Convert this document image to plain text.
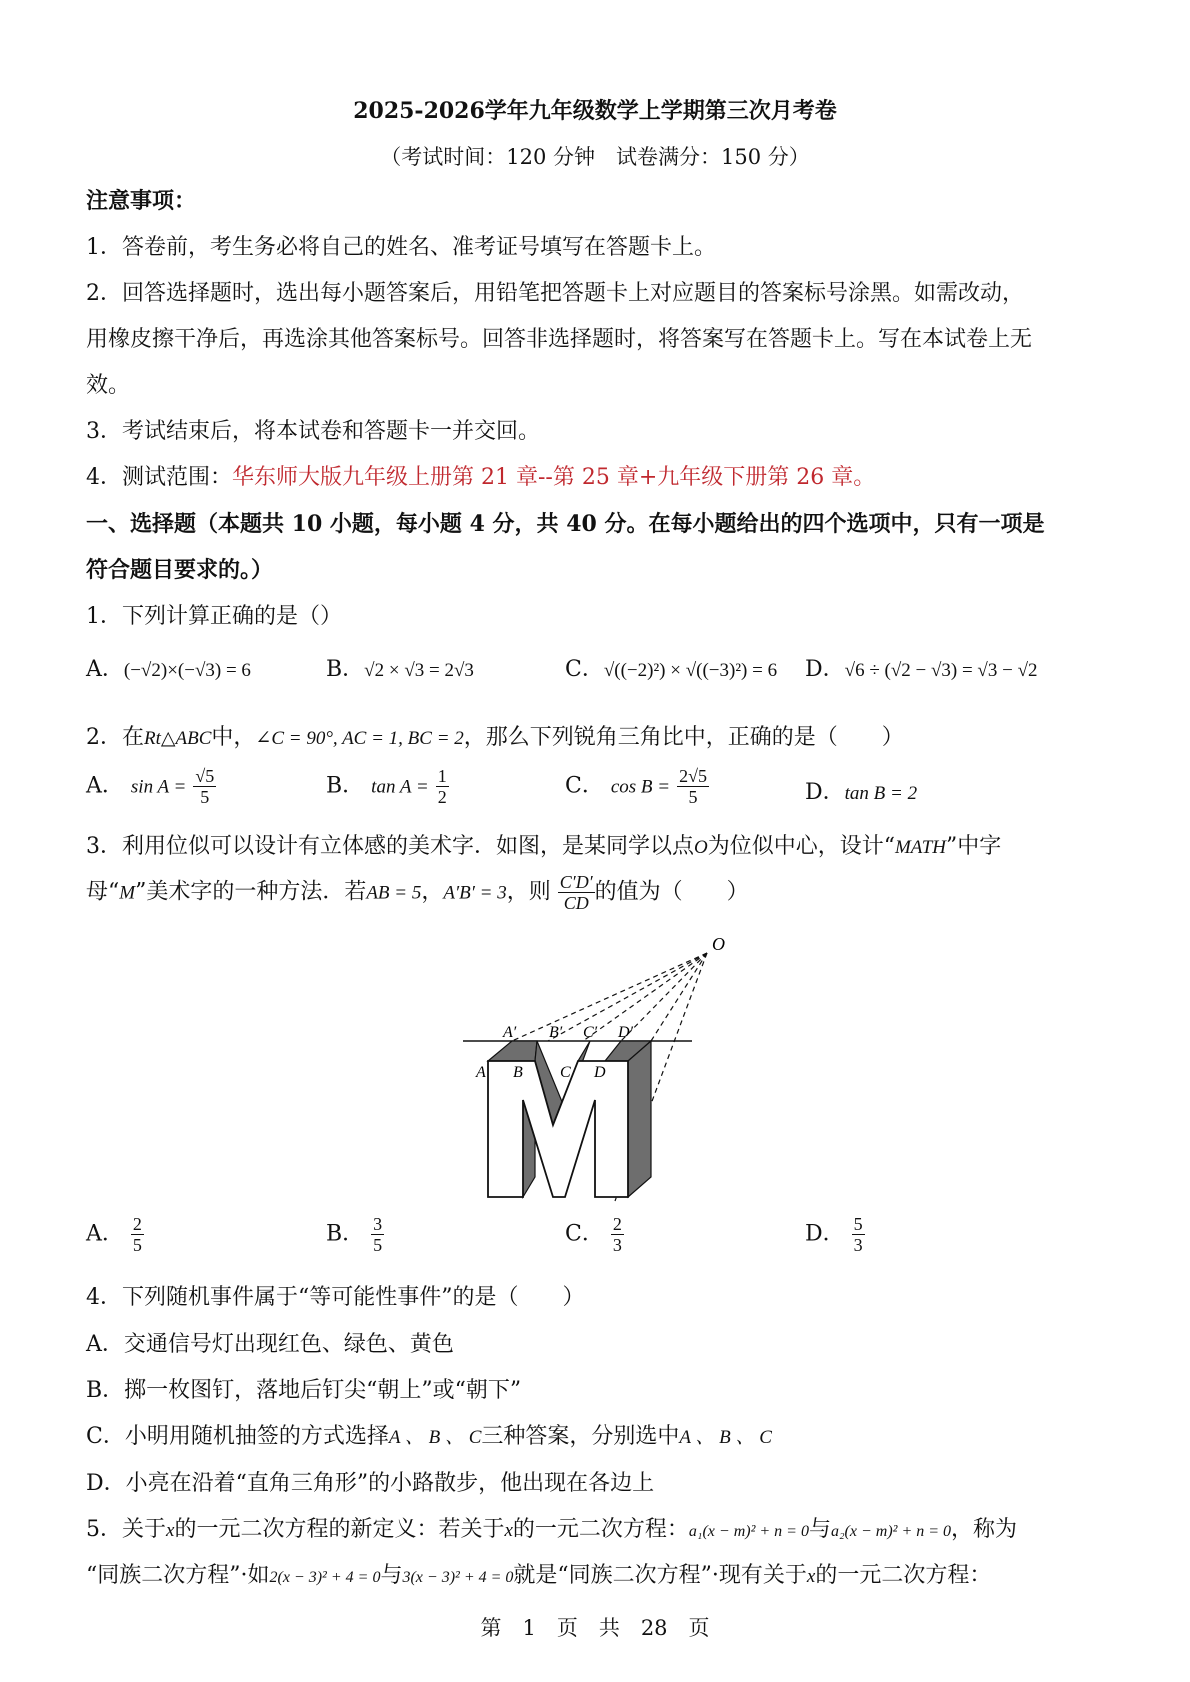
2025-2026学年九年级数学上学期第三次月考卷
（考试时间：120 分钟　试卷满分：150 分）
注意事项：
1．答卷前，考生务必将自己的姓名、准考证号填写在答题卡上。
2．回答选择题时，选出每小题答案后，用铅笔把答题卡上对应题目的答案标号涂黑。如需改动，
用橡皮擦干净后，再选涂其他答案标号。回答非选择题时，将答案写在答题卡上。写在本试卷上无
效。
3．考试结束后，将本试卷和答题卡一并交回。
4．测试范围：华东师大版九年级上册第 21 章--第 25 章+九年级下册第 26 章。
一、选择题（本题共 10 小题，每小题 4 分，共 40 分。在每小题给出的四个选项中，只有一项是
符合题目要求的。）
1．下列计算正确的是（）
A．(−√2)×(−√3) = 6	B．√2 × √3 = 2√3	C．√((−2)²) × √((−3)²) = 6 D．√6 ÷ (√2 − √3) = √3 − √2
2．在Rt△ABC中，∠C = 90°, AC = 1, BC = 2，那么下列锐角三角比中，正确的是（　　）
A． $\sin A = \frac{√5}{5}$	B． $\tan A = \frac{1}{2}$	C． $\cos B = \frac{2√5}{5}$	D．tan B = 2
3．利用位似可以设计有立体感的美术字．如图，是某同学以点O为位似中心，设计“MATH”中字
母“M”美术字的一种方法．若AB = 5，A′B′ = 3，则 $\frac{C'D'}{CD}$ 的值为（　　）
O
A′ B′ C′ D′
A B C D
A． $\frac{2}{5}$	B． $\frac{3}{5}$	C． $\frac{2}{3}$	D． $\frac{5}{3}$
4．下列随机事件属于“等可能性事件”的是（　　）
A．交通信号灯出现红色、绿色、黄色
B．掷一枚图钉，落地后钉尖“朝上”或“朝下”
C．小明用随机抽签的方式选择A 、 B 、 C三种答案，分别选中A 、 B 、 C
D．小亮在沿着“直角三角形”的小路散步，他出现在各边上
5．关于x的一元二次方程的新定义：若关于x的一元二次方程：a₁(x − m)² + n = 0与a₂(x − m)² + n = 0，称为
“同族二次方程”·如2(x − 3)² + 4 = 0与3(x − 3)² + 4 = 0就是“同族二次方程”·现有关于x的一元二次方程：
第　1　页　共　28　页
